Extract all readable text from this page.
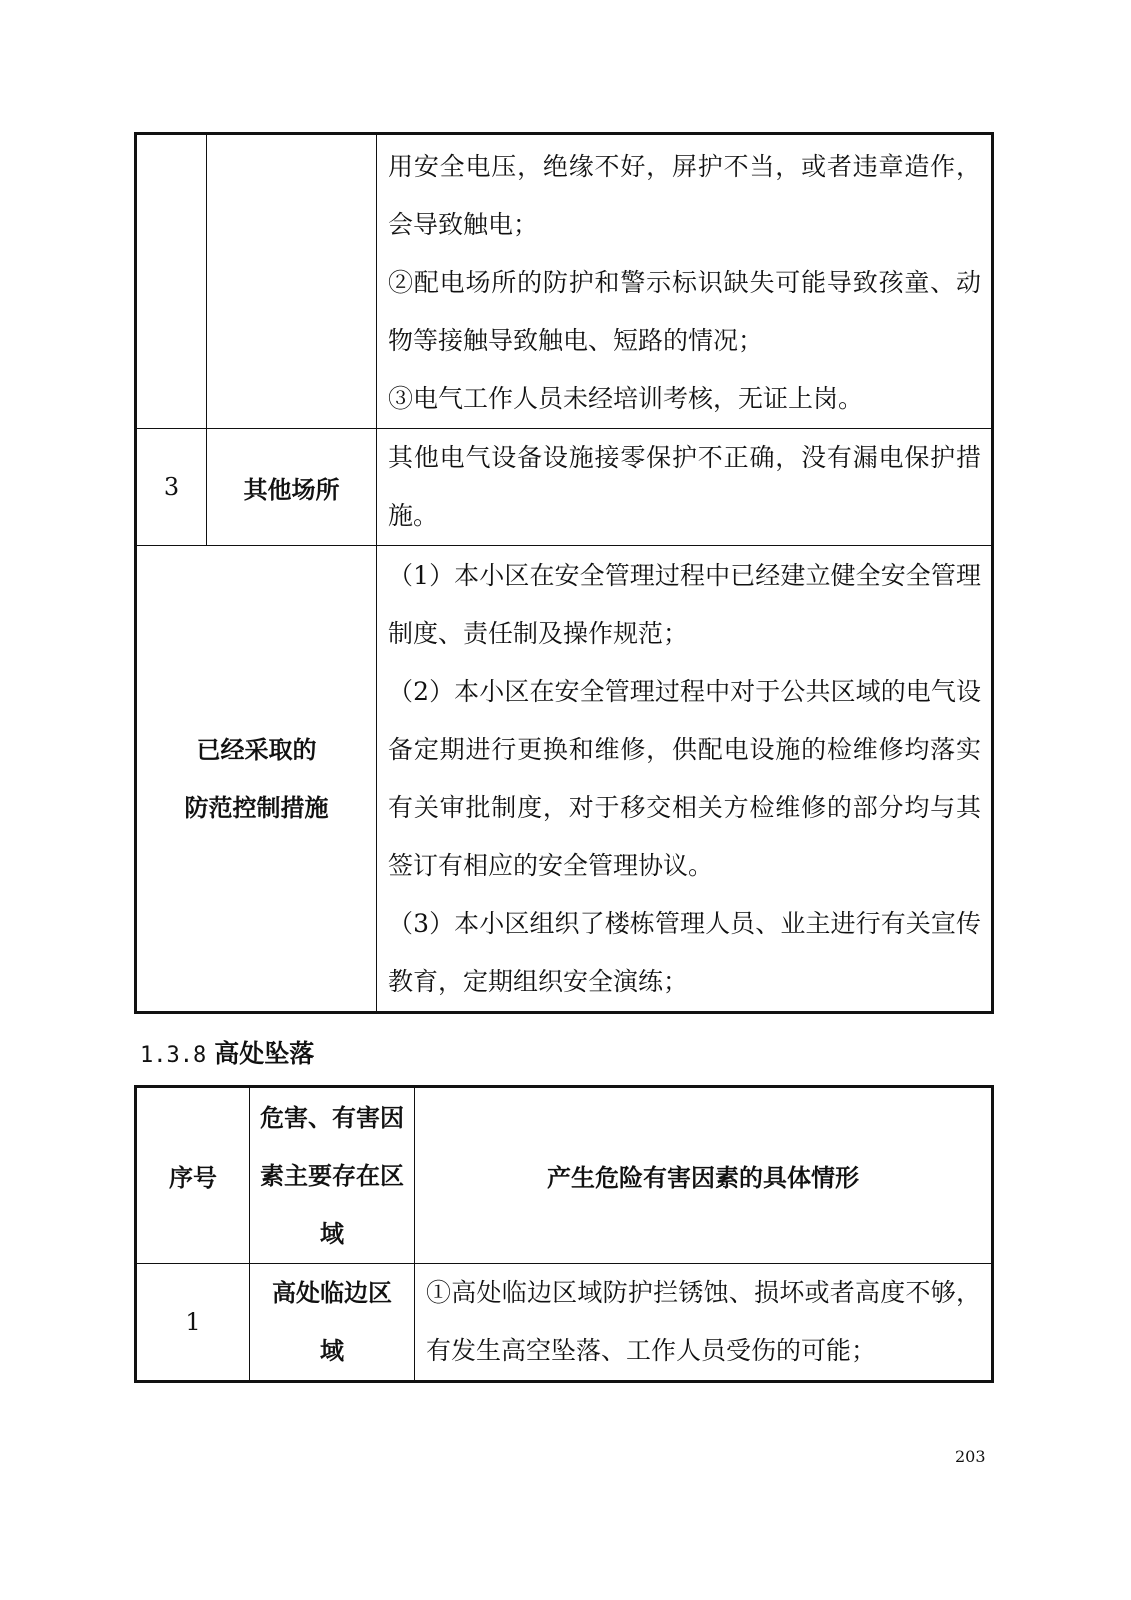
		用安全电压，绝缘不好，屏护不当，或者违章造作，会导致触电；
②配电场所的防护和警示标识缺失可能导致孩童、动物等接触导致触电、短路的情况；
③电气工作人员未经培训考核，无证上岗。

3	其他场所	其他电气设备设施接零保护不正确，没有漏电保护措施。

已经采取的
防范控制措施		（1）本小区在安全管理过程中已经建立健全安全管理制度、责任制及操作规范；
（2）本小区在安全管理过程中对于公共区域的电气设备定期进行更换和维修，供配电设施的检维修均落实有关审批制度，对于移交相关方检维修的部分均与其签订有相应的安全管理协议。
（3）本小区组织了楼栋管理人员、业主进行有关宣传教育，定期组织安全演练；
1.3.8 高处坠落
序号	危害、有害因素主要存在区域	产生危险有害因素的具体情形
1	高处临边区域	①高处临边区域防护拦锈蚀、损坏或者高度不够，有发生高空坠落、工作人员受伤的可能；
203
